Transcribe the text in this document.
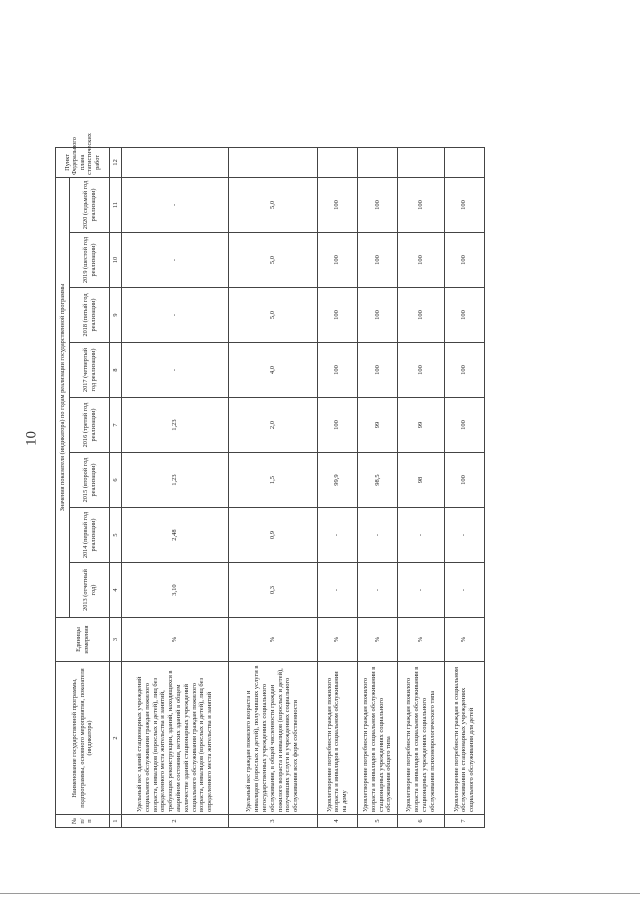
10
№ п/п	Наименование государственной программы, подпрограммы, основного мероприятия, показателя (индикатора)	Единицы измерения	Значения показателя (индикатора) по годам реализации государственной программы								Пункт Федерального плана статистических работ
			2013 (отчетный год)	2014 (первый год реализации)	2015 (второй год реализации)	2016 (третий год реализации)	2017 (четвертый год реализации)	2018 (пятый год реализации)	2019 (шестой год реализации)	2020 (седьмой год реализации)	
1	2	3	4	5	6	7	8	9	10	11	12
2	Удельный вес зданий стационарных учреждений социального обслуживания граждан пожилого возраста, инвалидов (взрослых и детей), лиц без определенного места жительства и занятий, требующих реконструкции, зданий, находящихся в аварийном состоянии, ветхих зданий в общем количестве зданий стационарных учреждений социального обслуживания граждан пожилого возраста, инвалидов (взрослых и детей), лиц без определенного места жительства и занятий	%	3,10	2,48	1,23	1,23	-	-	-	-	
3	Удельный вес граждан пожилого возраста и инвалидов (взрослых и детей), получивших услуги в негосударственных учреждениях социального обслуживания, в общей численности граждан пожилого возраста и инвалидов (взрослых и детей), получивших услуги в учреждениях социального обслуживания всех форм собственности	%	0,3	0,9	1,5	2,0	4,0	5,0	5,0	5,0	
4	Удовлетворение потребности граждан пожилого возраста и инвалидов в социальном обслуживании на дому	%	-	-	99,9	100	100	100	100	100	
5	Удовлетворение потребности граждан пожилого возраста и инвалидов в социальном обслуживании в стационарных учреждениях социального обслуживания общего типа	%	-	-	98,5	99	100	100	100	100	
6	Удовлетворение потребности граждан пожилого возраста и инвалидов в социальном обслуживании в стационарных учреждениях социального обслуживания психоневрологического типа	%	-	-	98	99	100	100	100	100	
7	Удовлетворение потребности граждан в социальном обслуживании в стационарных учреждениях социального обслуживания для детей	%	-	-	100	100	100	100	100	100	
